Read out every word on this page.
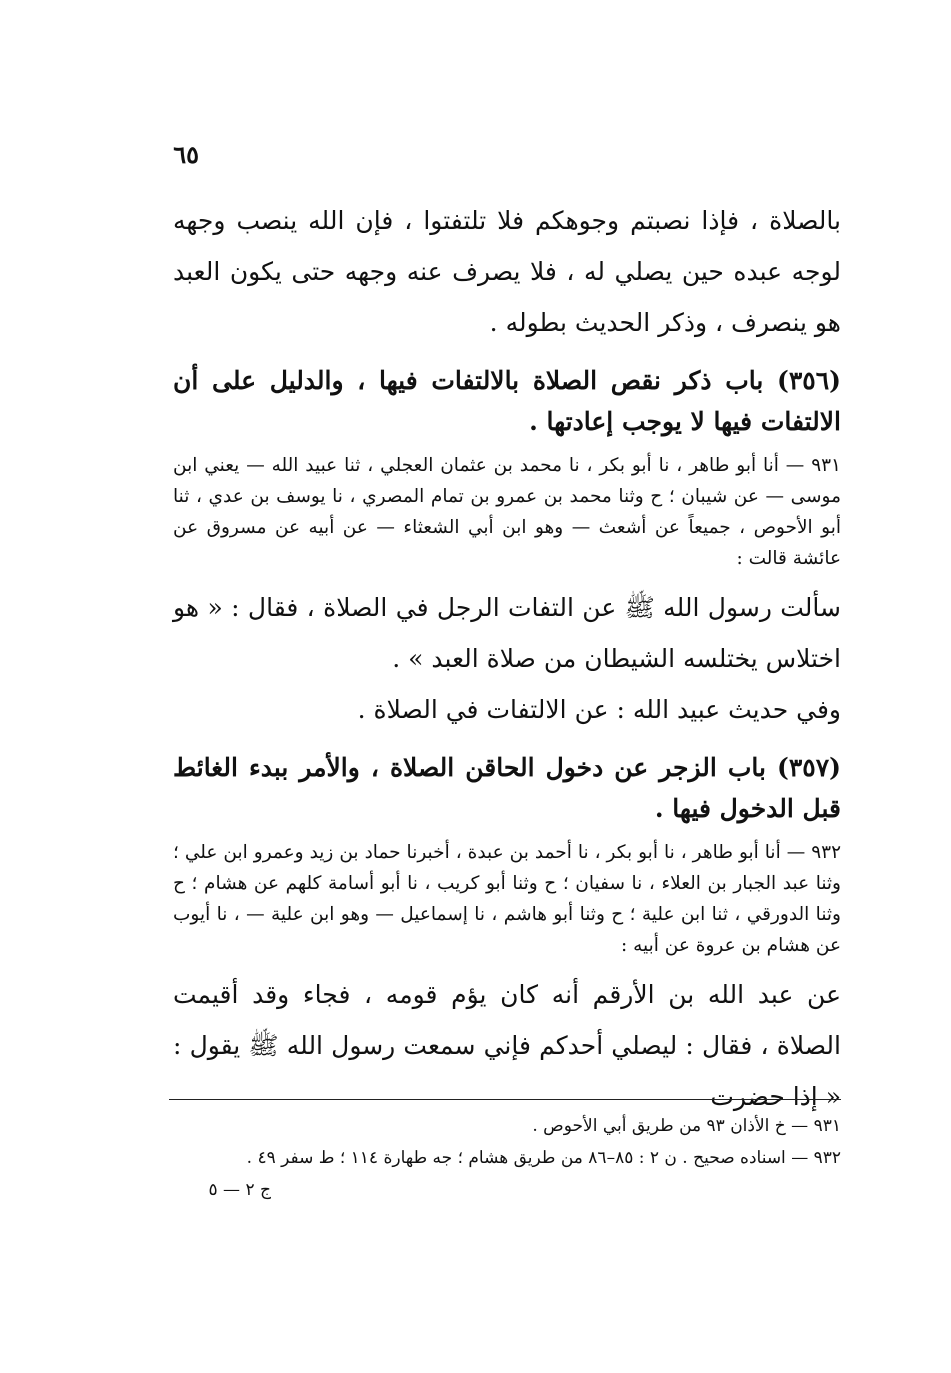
٦٥

بالصلاة ، فإذا نصبتم وجوهكم فلا تلتفتوا ، فإن الله ينصب وجهه لوجه عبده حين يصلي له ، فلا يصرف عنه وجهه حتى يكون العبد هو ينصرف ، وذكر الحديث بطوله .

(٣٥٦) باب ذكر نقص الصلاة بالالتفات فيها ، والدليل على أن الالتفات فيها لا يوجب إعادتها .

٩٣١ — أنا أبو طاهر ، نا أبو بكر ، نا محمد بن عثمان العجلي ، ثنا عبيد الله — يعني ابن موسى — عن شيبان ؛ ح وثنا محمد بن عمرو بن تمام المصري ، نا يوسف بن عدي ، ثنا أبو الأحوص ، جميعاً عن أشعث — وهو ابن أبي الشعثاء — عن أبيه عن مسروق عن عائشة قالت :

سألت رسول الله ﷺ عن التفات الرجل في الصلاة ، فقال : « هو اختلاس يختلسه الشيطان من صلاة العبد » .

وفي حديث عبيد الله : عن الالتفات في الصلاة .

(٣٥٧) باب الزجر عن دخول الحاقن الصلاة ، والأمر ببدء الغائط قبل الدخول فيها .

٩٣٢ — أنا أبو طاهر ، نا أبو بكر ، نا أحمد بن عبدة ، أخبرنا حماد بن زيد وعمرو ابن علي ؛ وثنا عبد الجبار بن العلاء ، نا سفيان ؛ ح وثنا أبو كريب ، نا أبو أسامة كلهم عن هشام ؛ ح وثنا الدورقي ، ثنا ابن علية ؛ ح وثنا أبو هاشم ، نا إسماعيل — وهو ابن علية — ، نا أيوب عن هشام بن عروة عن أبيه :

عن عبد الله بن الأرقم أنه كان يؤم قومه ، فجاء وقد أقيمت الصلاة ، فقال : ليصلي أحدكم فإني سمعت رسول الله ﷺ يقول : « إذا حضرت

٩٣١ — خ الأذان ٩٣ من طريق أبي الأحوص .

٩٣٢ — اسناده صحيح . ن ٢ : ٨٥–٨٦ من طريق هشام ؛ جه طهارة ١١٤ ؛ ط سفر ٤٩ .

ج ٢ — ٥
